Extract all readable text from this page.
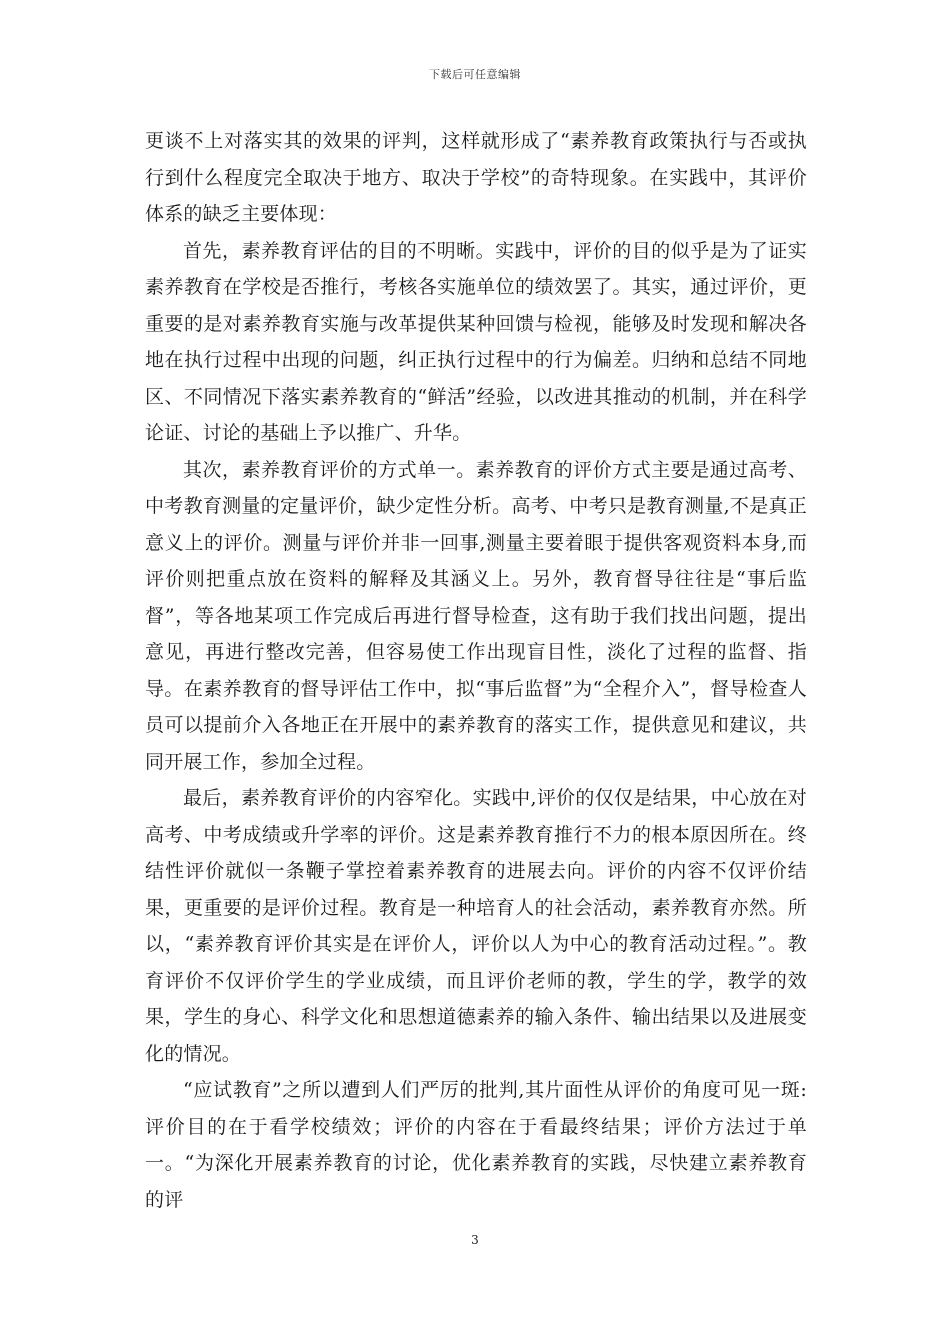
下载后可任意编辑

更谈不上对落实其的效果的评判，这样就形成了“素养教育政策执行与否或执行到什么程度完全取决于地方、取决于学校”的奇特现象。在实践中，其评价体系的缺乏主要体现：

首先，素养教育评估的目的不明晰。实践中，评价的目的似乎是为了证实素养教育在学校是否推行，考核各实施单位的绩效罢了。其实，通过评价，更重要的是对素养教育实施与改革提供某种回馈与检视，能够及时发现和解决各地在执行过程中出现的问题，纠正执行过程中的行为偏差。归纳和总结不同地区、不同情况下落实素养教育的“鲜活”经验，以改进其推动的机制，并在科学论证、讨论的基础上予以推广、升华。

其次，素养教育评价的方式单一。素养教育的评价方式主要是通过高考、中考教育测量的定量评价，缺少定性分析。高考、中考只是教育测量,不是真正意义上的评价。测量与评价并非一回事,测量主要着眼于提供客观资料本身,而评价则把重点放在资料的解释及其涵义上。另外，教育督导往往是“事后监督”，等各地某项工作完成后再进行督导检查，这有助于我们找出问题，提出意见，再进行整改完善，但容易使工作出现盲目性，淡化了过程的监督、指导。在素养教育的督导评估工作中，拟“事后监督”为“全程介入”，督导检查人员可以提前介入各地正在开展中的素养教育的落实工作，提供意见和建议，共同开展工作，参加全过程。

最后，素养教育评价的内容窄化。实践中,评价的仅仅是结果，中心放在对高考、中考成绩或升学率的评价。这是素养教育推行不力的根本原因所在。终结性评价就似一条鞭子掌控着素养教育的进展去向。评价的内容不仅评价结果，更重要的是评价过程。教育是一种培育人的社会活动，素养教育亦然。所以，“素养教育评价其实是在评价人，评价以人为中心的教育活动过程。”。教育评价不仅评价学生的学业成绩，而且评价老师的教，学生的学，教学的效果，学生的身心、科学文化和思想道德素养的输入条件、输出结果以及进展变化的情况。

“应试教育”之所以遭到人们严厉的批判,其片面性从评价的角度可见一斑:评价目的在于看学校绩效；评价的内容在于看最终结果；评价方法过于单一。“为深化开展素养教育的讨论，优化素养教育的实践，尽快建立素养教育的评

3
